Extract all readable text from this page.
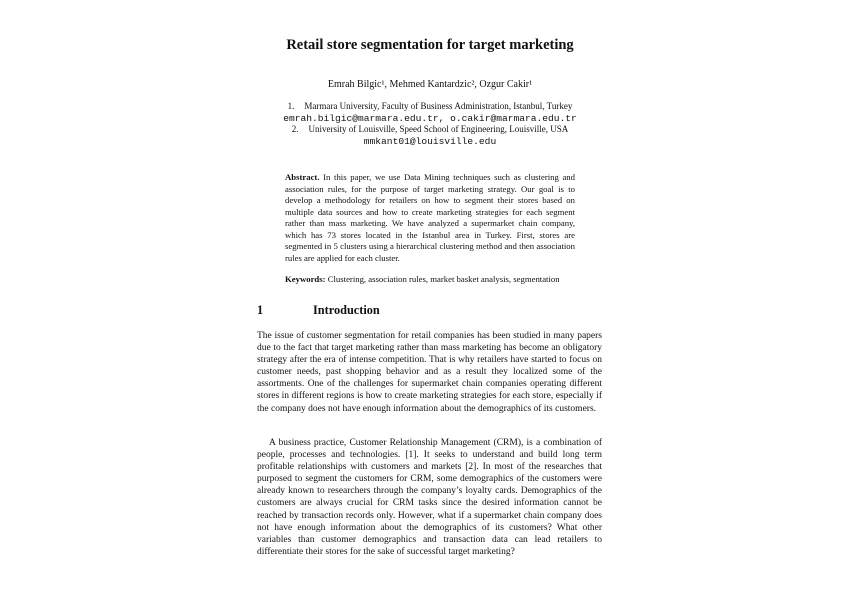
Retail store segmentation for target marketing
Emrah Bilgic¹, Mehmed Kantardzic², Ozgur Cakir¹
1. Marmara University, Faculty of Business Administration, Istanbul, Turkey
emrah.bilgic@marmara.edu.tr, o.cakir@marmara.edu.tr
2. University of Louisville, Speed School of Engineering, Louisville, USA
mmkant01@louisville.edu

Abstract. In this paper, we use Data Mining techniques such as clustering and association rules, for the purpose of target marketing strategy. Our goal is to develop a methodology for retailers on how to segment their stores based on multiple data sources and how to create marketing strategies for each segment rather than mass marketing. We have analyzed a supermarket chain company, which has 73 stores located in the Istanbul area in Turkey. First, stores are segmented in 5 clusters using a hierarchical clustering method and then association rules are applied for each cluster.

Keywords: Clustering, association rules, market basket analysis, segmentation

1	Introduction

The issue of customer segmentation for retail companies has been studied in many papers due to the fact that target marketing rather than mass marketing has become an obligatory strategy after the era of intense competition. That is why retailers have started to focus on customer needs, past shopping behavior and as a result they localized some of the assortments. One of the challenges for supermarket chain companies operating different stores in different regions is how to create marketing strategies for each store, especially if the company does not have enough information about the demographics of its customers.

A business practice, Customer Relationship Management (CRM), is a combination of people, processes and technologies. [1]. It seeks to understand and build long term profitable relationships with customers and markets [2]. In most of the researches that purposed to segment the customers for CRM, some demographics of the customers were already known to researchers through the company’s loyalty cards. Demographics of the customers are always crucial for CRM tasks since the desired information cannot be reached by transaction records only. However, what if a supermarket chain company does not have enough information about the demographics of its customers? What other variables than customer demographics and transaction data can lead retailers to differentiate their stores for the sake of successful target marketing?
